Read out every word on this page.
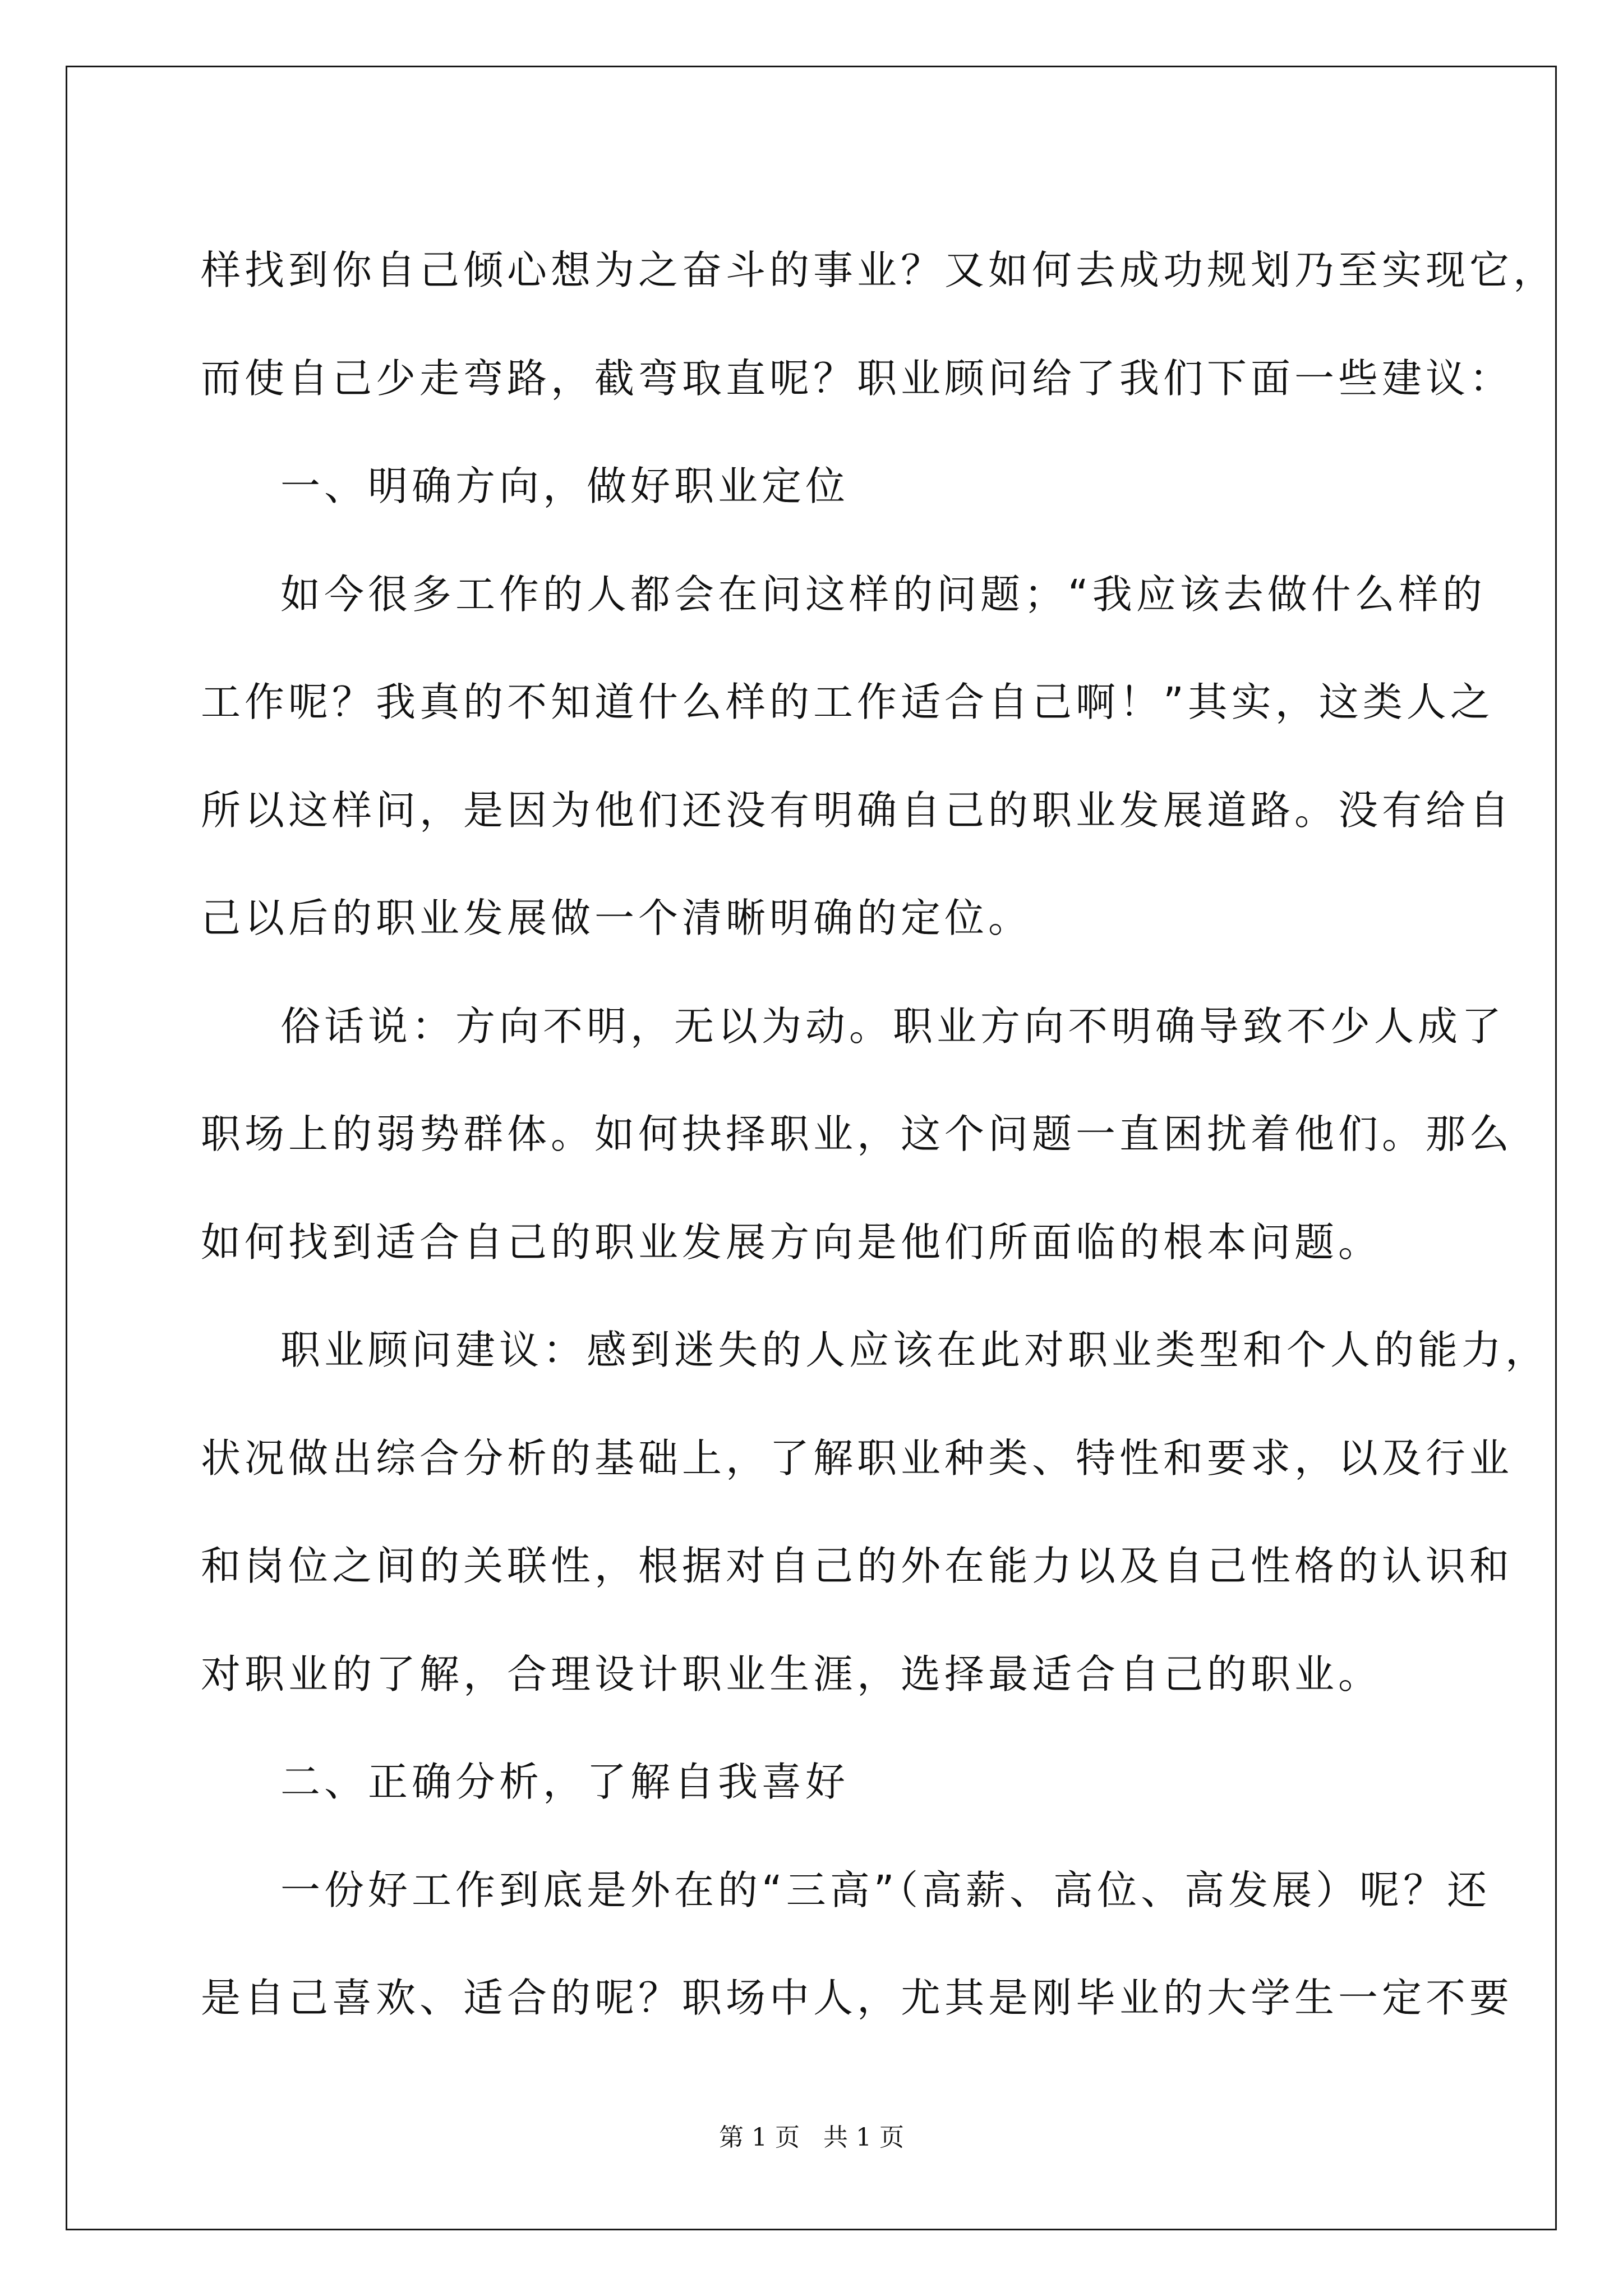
样找到你自己倾心想为之奋斗的事业？又如何去成功规划乃至实现它，
而使自己少走弯路，截弯取直呢？职业顾问给了我们下面一些建议：
一、明确方向，做好职业定位
如今很多工作的人都会在问这样的问题；“我应该去做什么样的
工作呢？我真的不知道什么样的工作适合自己啊！”其实，这类人之
所以这样问，是因为他们还没有明确自己的职业发展道路。没有给自
己以后的职业发展做一个清晰明确的定位。
俗话说：方向不明，无以为动。职业方向不明确导致不少人成了
职场上的弱势群体。如何抉择职业，这个问题一直困扰着他们。那么
如何找到适合自己的职业发展方向是他们所面临的根本问题。
职业顾问建议：感到迷失的人应该在此对职业类型和个人的能力，
状况做出综合分析的基础上，了解职业种类、特性和要求，以及行业
和岗位之间的关联性，根据对自己的外在能力以及自己性格的认识和
对职业的了解，合理设计职业生涯，选择最适合自己的职业。
二、正确分析，了解自我喜好
一份好工作到底是外在的“三高”（高薪、高位、高发展）呢？还
是自己喜欢、适合的呢？职场中人，尤其是刚毕业的大学生一定不要
第 1 页   共 1 页
